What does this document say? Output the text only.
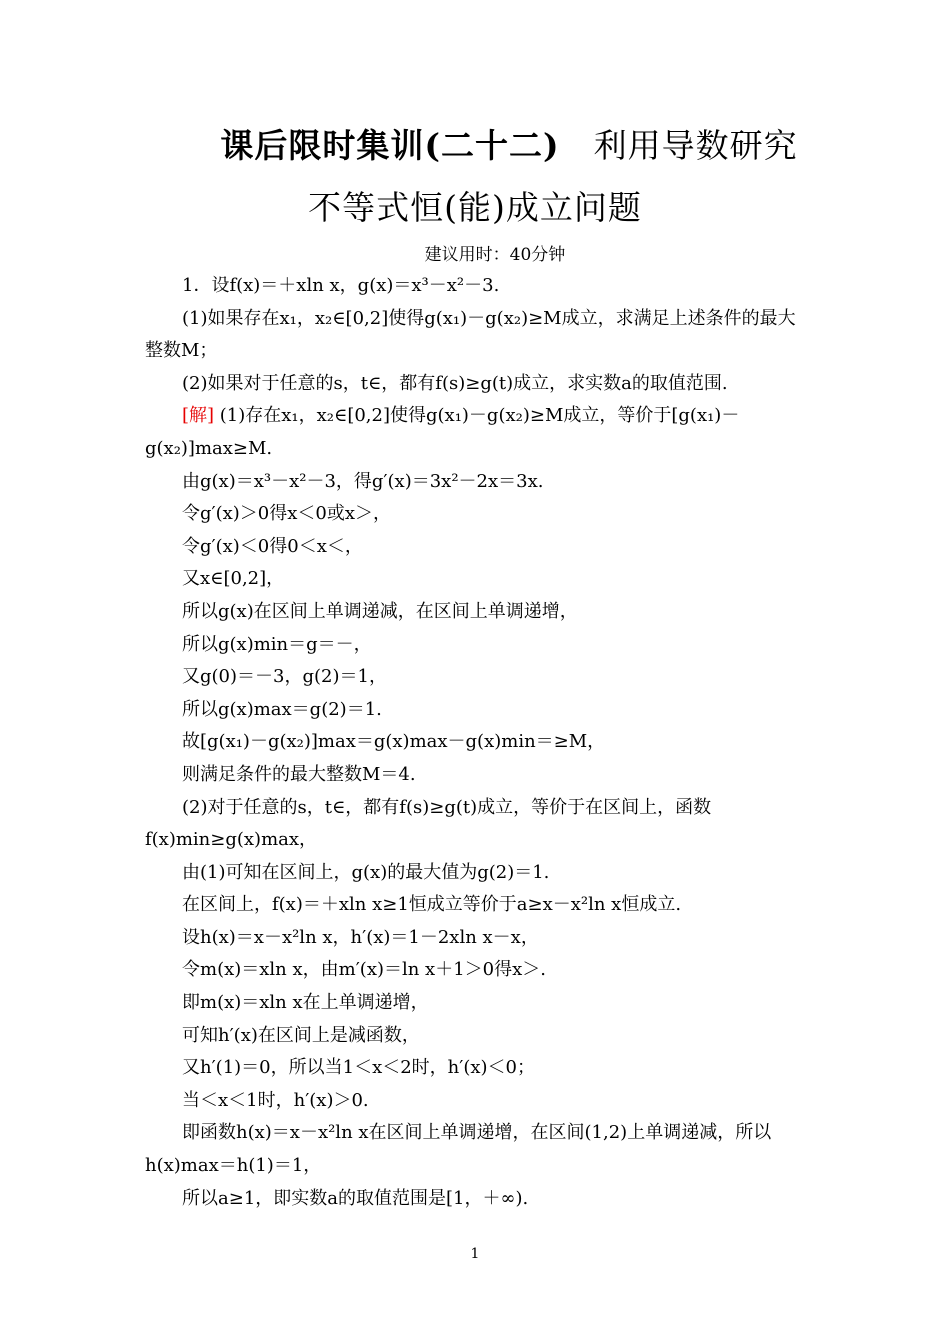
课后限时集训(二十二) 利用导数研究
不等式恒(能)成立问题
建议用时：40分钟
1．设f(x)＝＋xln x，g(x)＝x³－x²－3.
(1)如果存在x₁，x₂∈[0,2]使得g(x₁)－g(x₂)≥M成立，求满足上述条件的最大
整数M；
(2)如果对于任意的s，t∈，都有f(s)≥g(t)成立，求实数a的取值范围.
[解] (1)存在x₁，x₂∈[0,2]使得g(x₁)－g(x₂)≥M成立，等价于[g(x₁)－
g(x₂)]max≥M.
由g(x)＝x³－x²－3，得g′(x)＝3x²－2x＝3x.
令g′(x)＞0得x＜0或x＞，
令g′(x)＜0得0＜x＜，
又x∈[0,2]，
所以g(x)在区间上单调递减，在区间上单调递增，
所以g(x)min＝g＝－，
又g(0)＝－3，g(2)＝1，
所以g(x)max＝g(2)＝1.
故[g(x₁)－g(x₂)]max＝g(x)max－g(x)min＝≥M，
则满足条件的最大整数M＝4.
(2)对于任意的s，t∈，都有f(s)≥g(t)成立，等价于在区间上，函数
f(x)min≥g(x)max，
由(1)可知在区间上，g(x)的最大值为g(2)＝1.
在区间上，f(x)＝＋xln x≥1恒成立等价于a≥x－x²ln x恒成立.
设h(x)＝x－x²ln x，h′(x)＝1－2xln x－x，
令m(x)＝xln x，由m′(x)＝ln x＋1＞0得x＞.
即m(x)＝xln x在上单调递增，
可知h′(x)在区间上是减函数，
又h′(1)＝0，所以当1＜x＜2时，h′(x)＜0；
当＜x＜1时，h′(x)＞0.
即函数h(x)＝x－x²ln x在区间上单调递增，在区间(1,2)上单调递减，所以
h(x)max＝h(1)＝1，
所以a≥1，即实数a的取值范围是[1，＋∞).
1
